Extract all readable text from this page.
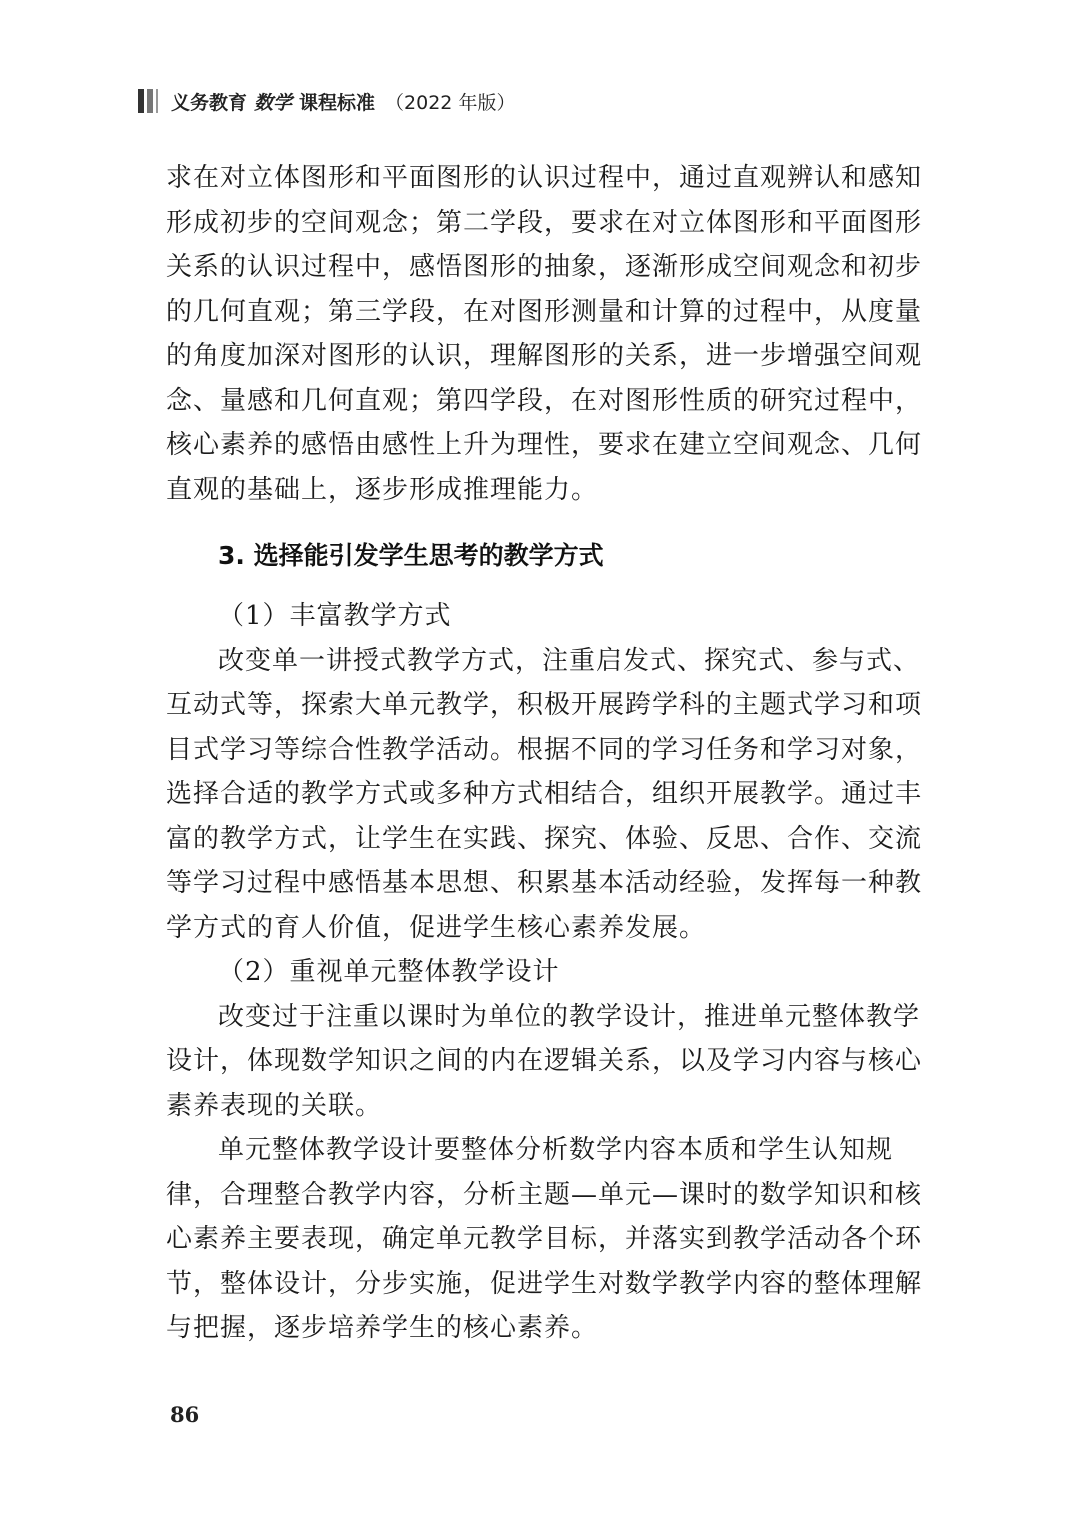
义务教育 数学 课程标准 （2022 年版）

求在对立体图形和平面图形的认识过程中，通过直观辨认和感知形成初步的空间观念；第二学段，要求在对立体图形和平面图形关系的认识过程中，感悟图形的抽象，逐渐形成空间观念和初步的几何直观；第三学段，在对图形测量和计算的过程中，从度量的角度加深对图形的认识，理解图形的关系，进一步增强空间观念、量感和几何直观；第四学段，在对图形性质的研究过程中，核心素养的感悟由感性上升为理性，要求在建立空间观念、几何直观的基础上，逐步形成推理能力。

3. 选择能引发学生思考的教学方式

（1）丰富教学方式

改变单一讲授式教学方式，注重启发式、探究式、参与式、互动式等，探索大单元教学，积极开展跨学科的主题式学习和项目式学习等综合性教学活动。根据不同的学习任务和学习对象，选择合适的教学方式或多种方式相结合，组织开展教学。通过丰富的教学方式，让学生在实践、探究、体验、反思、合作、交流等学习过程中感悟基本思想、积累基本活动经验，发挥每一种教学方式的育人价值，促进学生核心素养发展。

（2）重视单元整体教学设计

改变过于注重以课时为单位的教学设计，推进单元整体教学设计，体现数学知识之间的内在逻辑关系，以及学习内容与核心素养表现的关联。

单元整体教学设计要整体分析数学内容本质和学生认知规律，合理整合教学内容，分析主题—单元—课时的数学知识和核心素养主要表现，确定单元教学目标，并落实到教学活动各个环节，整体设计，分步实施，促进学生对数学教学内容的整体理解与把握，逐步培养学生的核心素养。

86
